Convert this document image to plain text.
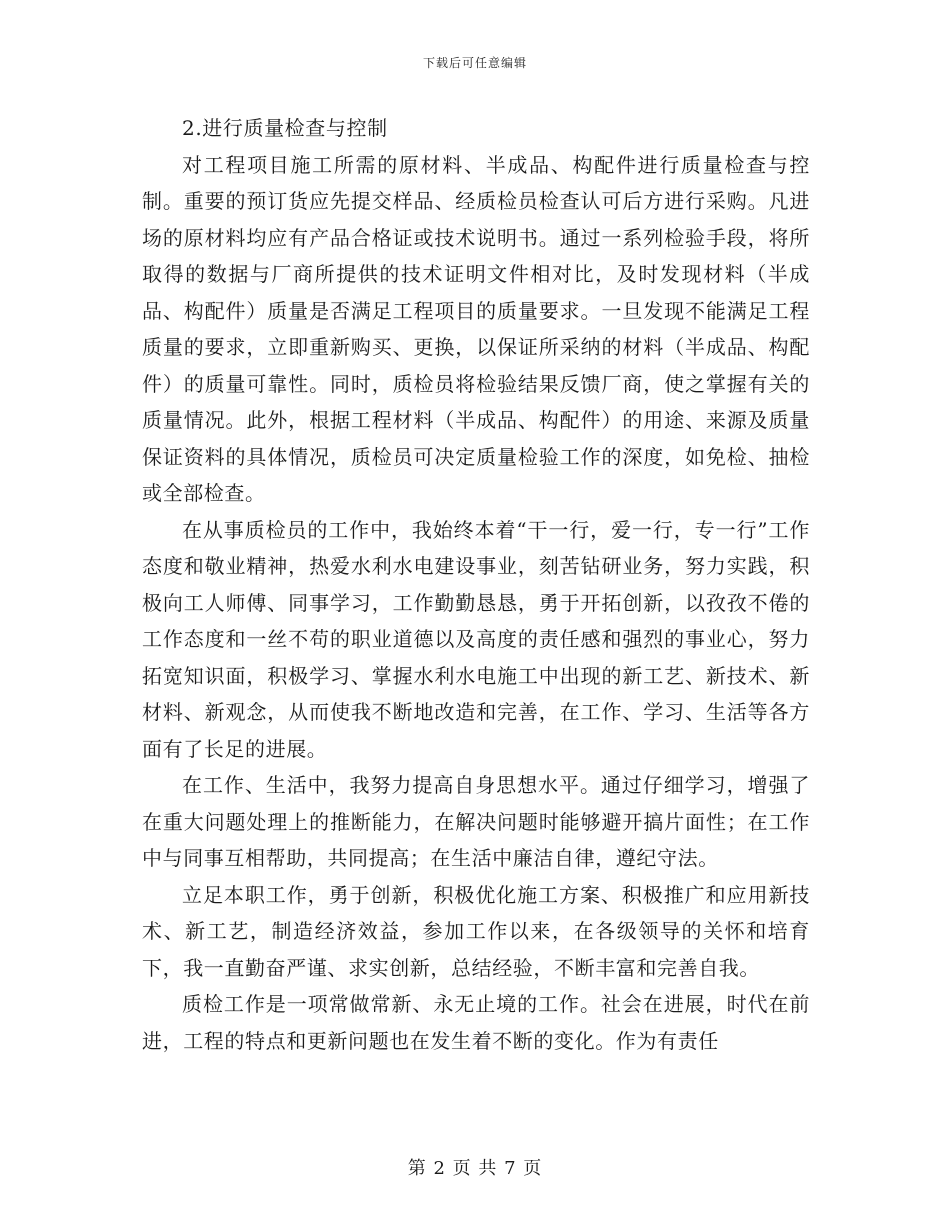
下载后可任意编辑

2.进行质量检查与控制

对工程项目施工所需的原材料、半成品、构配件进行质量检查与控制。重要的预订货应先提交样品、经质检员检查认可后方进行采购。凡进场的原材料均应有产品合格证或技术说明书。通过一系列检验手段，将所取得的数据与厂商所提供的技术证明文件相对比，及时发现材料（半成品、构配件）质量是否满足工程项目的质量要求。一旦发现不能满足工程质量的要求，立即重新购买、更换，以保证所采纳的材料（半成品、构配件）的质量可靠性。同时，质检员将检验结果反馈厂商，使之掌握有关的质量情况。此外，根据工程材料（半成品、构配件）的用途、来源及质量保证资料的具体情况，质检员可决定质量检验工作的深度，如免检、抽检或全部检查。

在从事质检员的工作中，我始终本着“干一行，爱一行，专一行”工作态度和敬业精神，热爱水利水电建设事业，刻苦钻研业务，努力实践，积极向工人师傅、同事学习，工作勤勤恳恳，勇于开拓创新，以孜孜不倦的工作态度和一丝不苟的职业道德以及高度的责任感和强烈的事业心，努力拓宽知识面，积极学习、掌握水利水电施工中出现的新工艺、新技术、新材料、新观念，从而使我不断地改造和完善，在工作、学习、生活等各方面有了长足的进展。

在工作、生活中，我努力提高自身思想水平。通过仔细学习，增强了在重大问题处理上的推断能力，在解决问题时能够避开搞片面性；在工作中与同事互相帮助，共同提高；在生活中廉洁自律，遵纪守法。

立足本职工作，勇于创新，积极优化施工方案、积极推广和应用新技术、新工艺，制造经济效益，参加工作以来，在各级领导的关怀和培育下，我一直勤奋严谨、求实创新，总结经验，不断丰富和完善自我。

质检工作是一项常做常新、永无止境的工作。社会在进展，时代在前进，工程的特点和更新问题也在发生着不断的变化。作为有责任

第 2 页 共 7 页
